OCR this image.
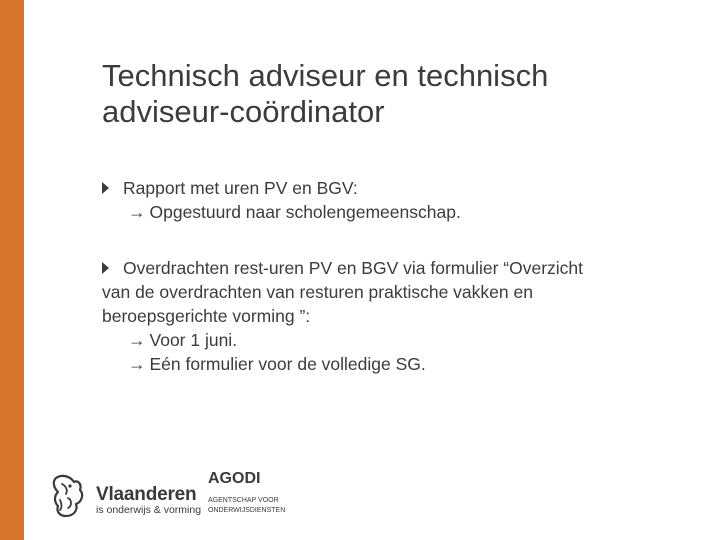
Technisch adviseur en technisch
adviseur-coördinator
Rapport met uren PV en BGV:
→ Opgestuurd naar scholengemeenschap.
Overdrachten rest-uren PV en BGV via formulier “Overzicht
van de overdrachten van resturen praktische vakken en
beroepsgerichte vorming ”:
→ Voor 1 juni.
→ Eén formulier voor de volledige SG.
Vlaanderen
is onderwijs & vorming
AGODI
AGENTSCHAP VOOR
ONDERWIJSDIENSTEN
